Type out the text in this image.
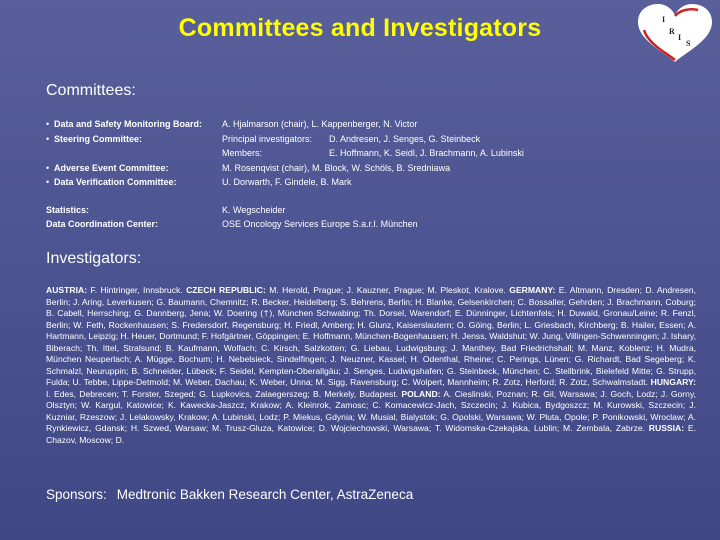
Committees and Investigators	I
R
I
S
Committees:
• Data and Safety Monitoring Board: A. Hjalmarson (chair), L. Kappenberger, N. Victor
• Steering Committee:	Principal investigators: D. Andresen, J. Senges, G. Steinbeck
Members:	E. Hoffmann, K. Seidl, J. Brachmann, A. Lubinski
• Adverse Event Committee:	M. Rosenqvist (chair), M. Block, W. Schöls, B. Sredniawa
• Data Verification Committee:	U. Dorwarth, F. Gindele, B. Mark
Statistics:	K. Wegscheider
Data Coordination Center:	OSE Oncology Services Europe S.a.r.l. München
Investigators:
AUSTRIA: F. Hintringer, Innsbruck. CZECH REPUBLIC: M. Herold, Prague; J. Kauzner, Prague; M. Pleskot, Kralove. GERMANY: E. Altmann, Dresden; D. Andresen, Berlin; J. Aring, Leverkusen; G. Baumann, Chemnitz; R. Becker, Heidelberg; S. Behrens, Berlin; H. Blanke, Gelsenkirchen; C. Bossaller, Gehrden; J. Brachmann, Coburg; B. Cabell, Herrsching; G. Dannberg, Jena; W. Doering (†), München Schwabing; Th. Dorsel, Warendorf; E. Dünninger, Lichtenfels; H. Duwald, Gronau/Leine; R. Fenzl, Berlin; W. Feth, Rockenhausen; S. Fredersdorf, Regensburg; H. Friedl, Amberg; H. Glunz, Kaiserslautern; O. Göing, Berlin; L. Griesbach, Kirchberg; B. Hailer, Essen; A. Hartmann, Leipzig; H. Heuer, Dortmund; F. Hofgärtner, Göppingen; E. Hoffmann, München-Bogenhausen; H. Jenss, Waldshut; W. Jung, Villingen-Schwenningen; J. Ishary, Biberach; Th. Ittel, Stralsund; B. Kaufmann, Wolfach; C. Kirsch, Salzkotten; G. Liebau, Ludwigsburg; J. Manthey, Bad Friedrichshall; M. Manz, Koblenz; H. Mudra, München Neuperlach; A. Mügge, Bochum; H. Nebelsieck, Sindelfingen; J. Neuzner, Kassel; H. Odenthal, Rheine; C. Perings, Lünen; G. Richardt, Bad Segeberg; K. Schmalzl, Neuruppin; B. Schneider, Lübeck; F. Seidel, Kempten-Oberallgäu; J. Senges, Ludwigshafen; G. Steinbeck, München; C. Stellbrink, Bielefeld Mitte; G. Strupp, Fulda; U. Tebbe, Lippe-Detmold; M. Weber, Dachau; K. Weber, Unna; M. Sigg, Ravensburg; C. Wolpert, Mannheim; R. Zotz, Herford; R. Zotz, Schwalmstadt. HUNGARY: I. Edes, Debrecen; T. Forster, Szeged; G. Lupkovics, Zalaegerszeg; B. Merkely, Budapest. POLAND: A. Cieslinski, Poznan; R. Gil, Warsawa; J. Goch, Lodz; J. Gorny, Olsztyn; W. Kargul, Katowice; K. Kawecka-Jaszcz, Krakow; A. Kleinrok, Zamosc; C. Komacewicz-Jach, Szczecin; J. Kubica, Bydgoszcz; M. Kurowski, Szczecin; J. Kuzniar, Rzeszow; J. Lelakowsky, Krakow; A. Lubinski, Lodz; P. Miekus, Gdynia; W. Musial, Bialystok; G. Opolski, Warsawa; W. Pluta, Opole; P. Ponikowski, Wroclaw; A. Rynkiewicz, Gdansk; H. Szwed, Warsaw; M. Trusz-Gluza, Katowice; D. Wojciechowski, Warsawa; T. Widomska-Czekajska, Lublin; M. Zembala, Zabrze. RUSSIA: E. Chazov, Moscow; D.
Sponsors: Medtronic Bakken Research Center, AstraZeneca
